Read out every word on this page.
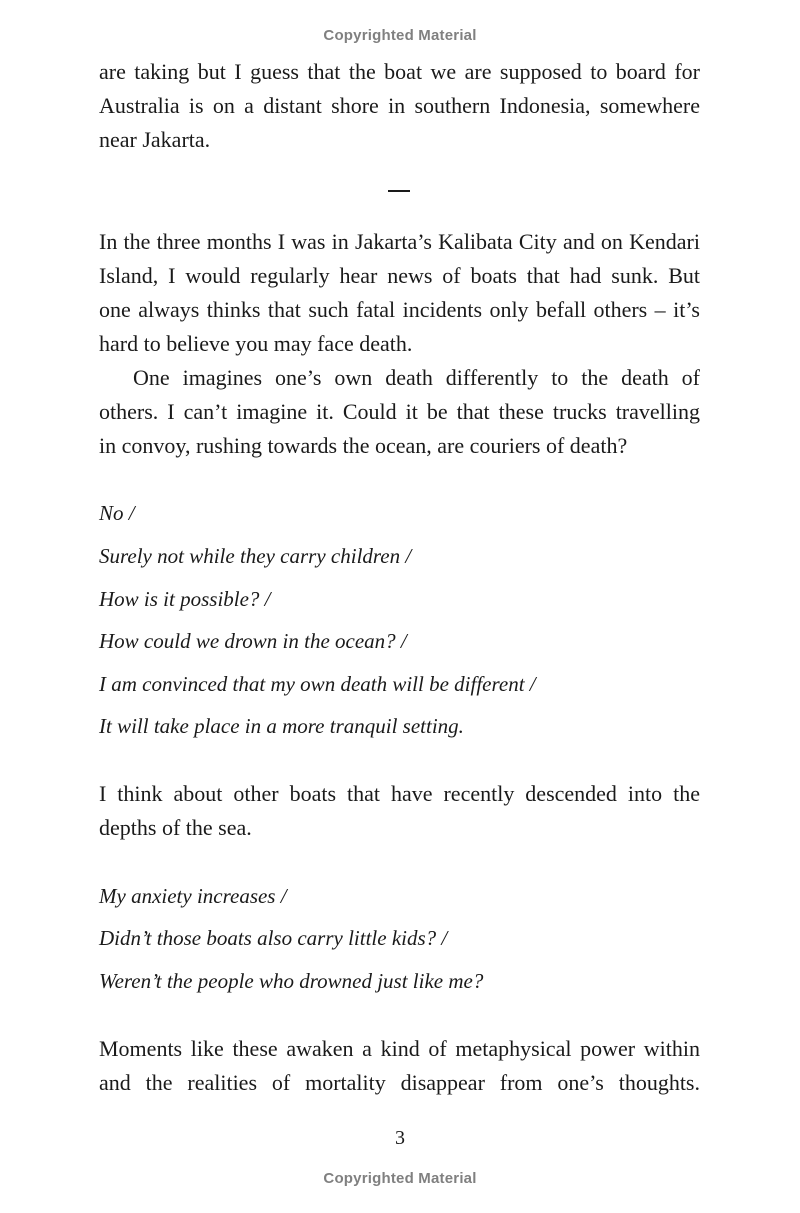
Copyrighted Material
are taking but I guess that the boat we are supposed to board for
Australia is on a distant shore in southern Indonesia, somewhere
near Jakarta.
In the three months I was in Jakarta’s Kalibata City and on Kendari
Island, I would regularly hear news of boats that had sunk. But
one always thinks that such fatal incidents only befall others – it’s
hard to believe you may face death.
One imagines one’s own death differently to the death of
others. I can’t imagine it. Could it be that these trucks travelling
in convoy, rushing towards the ocean, are couriers of death?
No /
Surely not while they carry children /
How is it possible? /
How could we drown in the ocean? /
I am convinced that my own death will be different /
It will take place in a more tranquil setting.
I think about other boats that have recently descended into the
depths of the sea.
My anxiety increases /
Didn’t those boats also carry little kids? /
Weren’t the people who drowned just like me?
Moments like these awaken a kind of metaphysical power within
and the realities of mortality disappear from one’s thoughts.
3
Copyrighted Material
